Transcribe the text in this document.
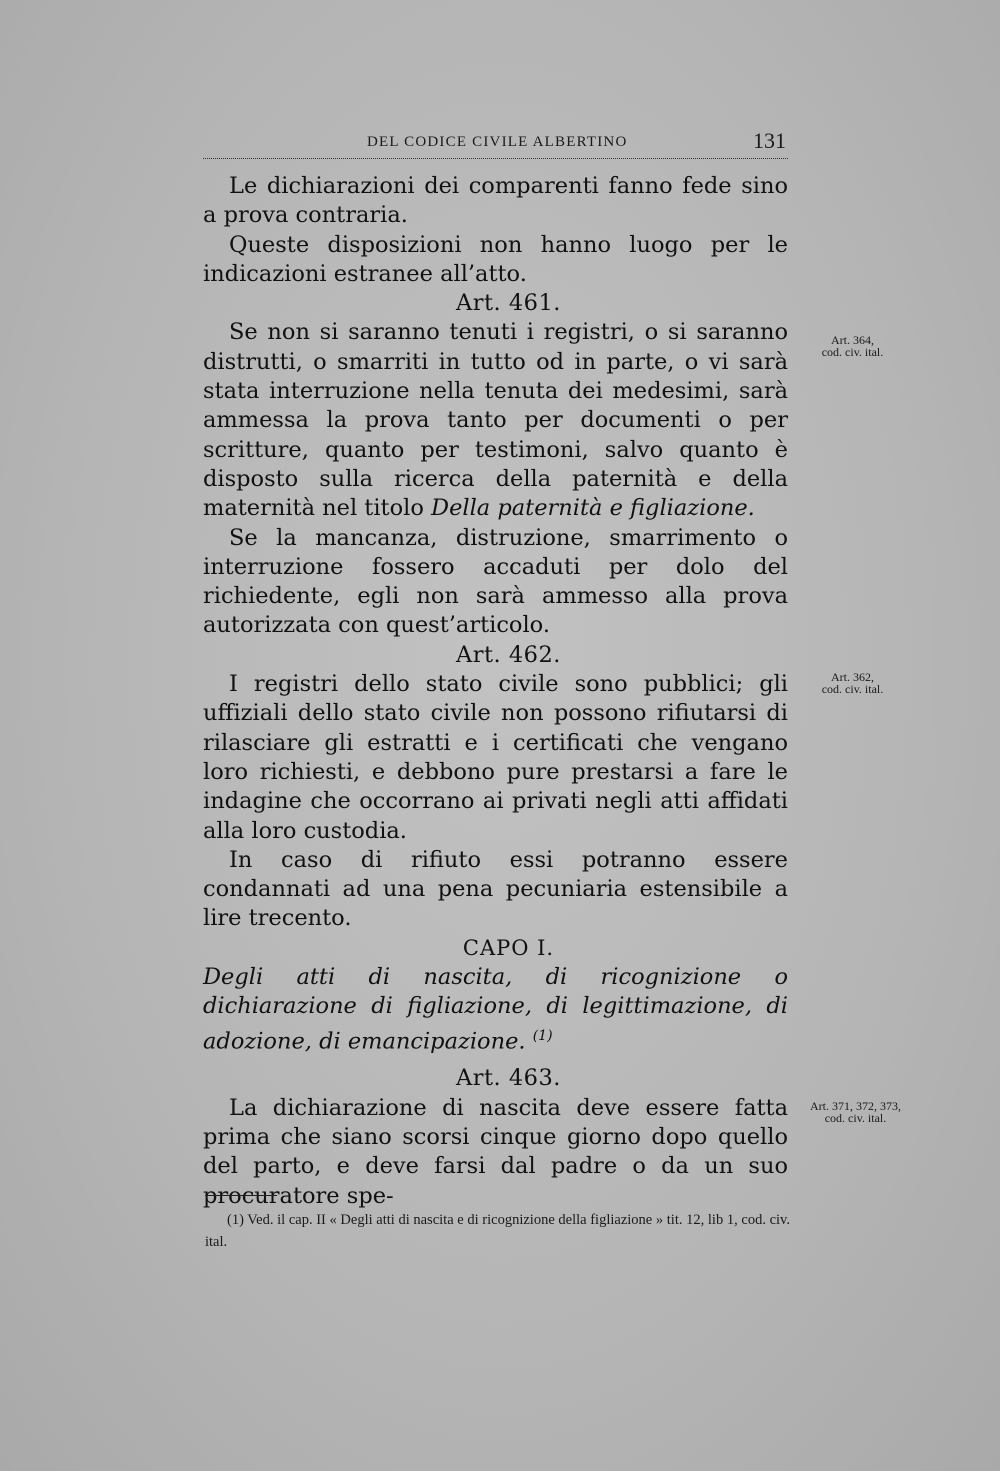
DEL CODICE CIVILE ALBERTINO	131

Le dichiarazioni dei comparenti fanno fede sino a prova contraria.

Queste disposizioni non hanno luogo per le indicazioni estranee all’atto.

Art. 461.

Se non si saranno tenuti i registri, o si saranno distrutti, o smarriti in tutto od in parte, o vi sarà stata interruzione nella tenuta dei medesimi, sarà ammessa la prova tanto per documenti o per scritture, quanto per testimoni, salvo quanto è disposto sulla ricerca della paternità e della maternità nel titolo Della paternità e figliazione.

Se la mancanza, distruzione, smarrimento o interruzione fossero accaduti per dolo del richiedente, egli non sarà ammesso alla prova autorizzata con quest’articolo.

Art. 462.

I registri dello stato civile sono pubblici; gli uffiziali dello stato civile non possono rifiutarsi di rilasciare gli estratti e i certificati che vengano loro richiesti, e debbono pure prestarsi a fare le indagine che occorrano ai privati negli atti affidati alla loro custodia.

In caso di rifiuto essi potranno essere condannati ad una pena pecuniaria estensibile a lire trecento.

CAPO I.

Degli atti di nascita, di ricognizione o dichiarazione di figliazione, di legittimazione, di adozione, di emancipazione. $^{(1)}$

Art. 463.

La dichiarazione di nascita deve essere fatta prima che siano scorsi cinque giorno dopo quello del parto, e deve farsi dal padre o da un suo procuratore spe-

Art. 364,
cod. civ. ital.
Art. 362,
cod. civ. ital.
Art. 371, 372, 373,
cod. civ. ital.
(1) Ved. il cap. II « Degli atti di nascita e di ricognizione della figliazione » tit. 12, lib 1, cod. civ. ital.
